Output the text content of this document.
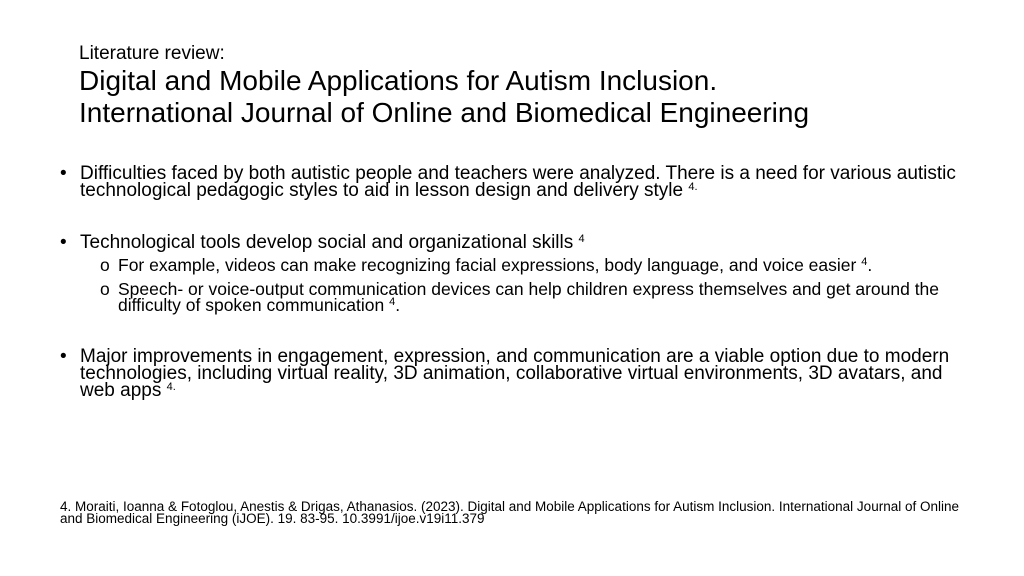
Literature review:
Digital and Mobile Applications for Autism Inclusion.
International Journal of Online and Biomedical Engineering
• Difficulties faced by both autistic people and teachers were analyzed. There is a need for various autistic technological pedagogic styles to aid in lesson design and delivery style $^{4.}$
• Technological tools develop social and organizational skills $^4$
o For example, videos can make recognizing facial expressions, body language, and voice easier $^4$.
o Speech- or voice-output communication devices can help children express themselves and get around the difficulty of spoken communication $^4$.
• Major improvements in engagement, expression, and communication are a viable option due to modern technologies, including virtual reality, 3D animation, collaborative virtual environments, 3D avatars, and web apps $^{4.}$
4. Moraiti, Ioanna & Fotoglou, Anestis & Drigas, Athanasios. (2023). Digital and Mobile Applications for Autism Inclusion. International Journal of Online and Biomedical Engineering (iJOE). 19. 83-95. 10.3991/ijoe.v19i11.379
